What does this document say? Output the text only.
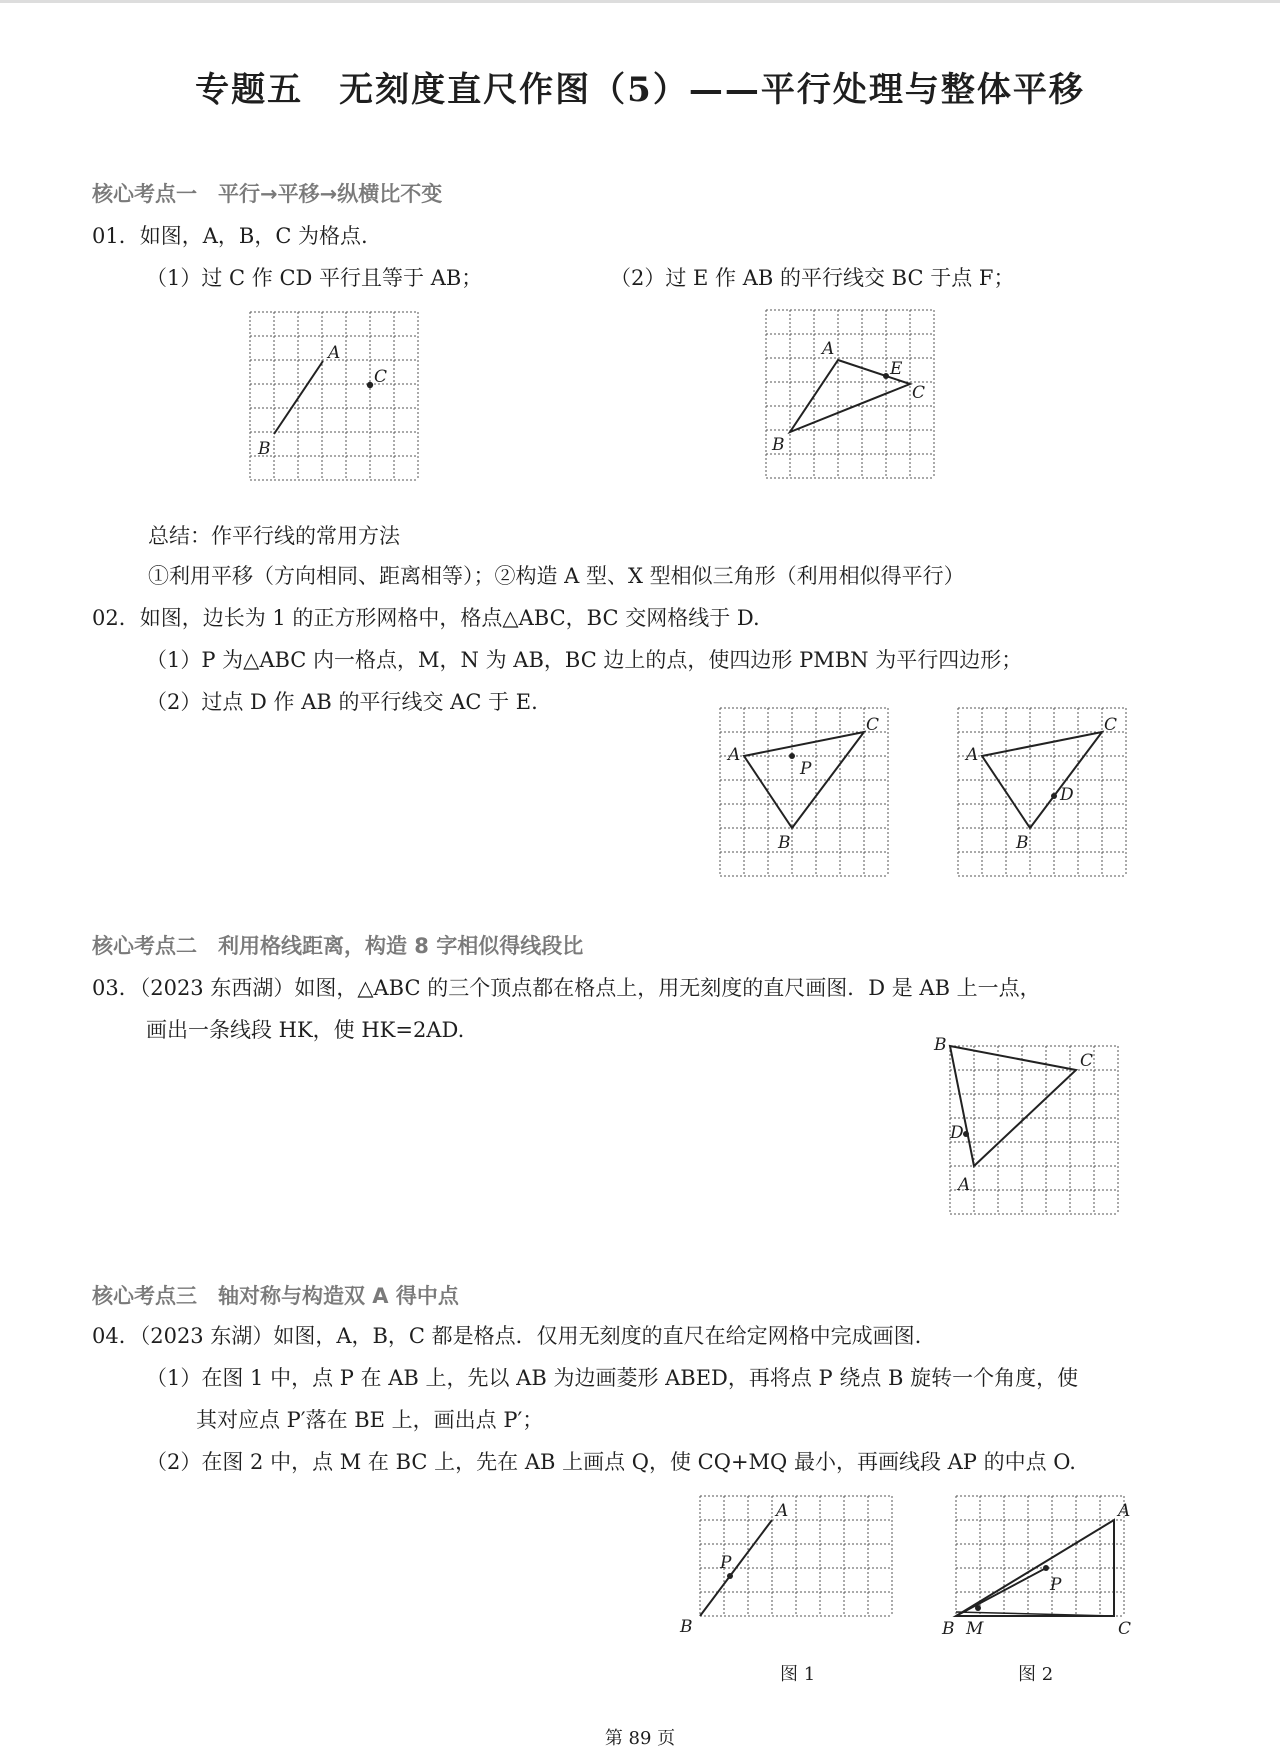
专题五　无刻度直尺作图（5）——平行处理与整体平移
核心考点一　平行→平移→纵横比不变
01．如图，A，B，C 为格点.
（1）过 C 作 CD 平行且等于 AB；	（2）过 E 作 AB 的平行线交 BC 于点 F；
A
C
B
A
E
C
B
总结：作平行线的常用方法
①利用平移（方向相同、距离相等）；②构造 A 型、X 型相似三角形（利用相似得平行）
02．如图，边长为 1 的正方形网格中，格点△ABC，BC 交网格线于 D.
（1）P 为△ABC 内一格点，M，N 为 AB，BC 边上的点，使四边形 PMBN 为平行四边形；
（2）过点 D 作 AB 的平行线交 AC 于 E.
A
C
P
B
A
C
D
B
核心考点二　利用格线距离，构造 8 字相似得线段比
03．（2023 东西湖）如图，△ABC 的三个顶点都在格点上，用无刻度的直尺画图．D 是 AB 上一点，
画出一条线段 HK，使 HK=2AD.
B
C
D
A
核心考点三　轴对称与构造双 A 得中点
04．（2023 东湖）如图，A，B，C 都是格点．仅用无刻度的直尺在给定网格中完成画图.
（1）在图 1 中，点 P 在 AB 上，先以 AB 为边画菱形 ABED，再将点 P 绕点 B 旋转一个角度，使
其对应点 P′落在 BE 上，画出点 P′；
（2）在图 2 中，点 M 在 BC 上，先在 AB 上画点 Q，使 CQ+MQ 最小，再画线段 AP 的中点 O.
A
P
B
图 1
A
P
B M	C
图 2
第 89 页
